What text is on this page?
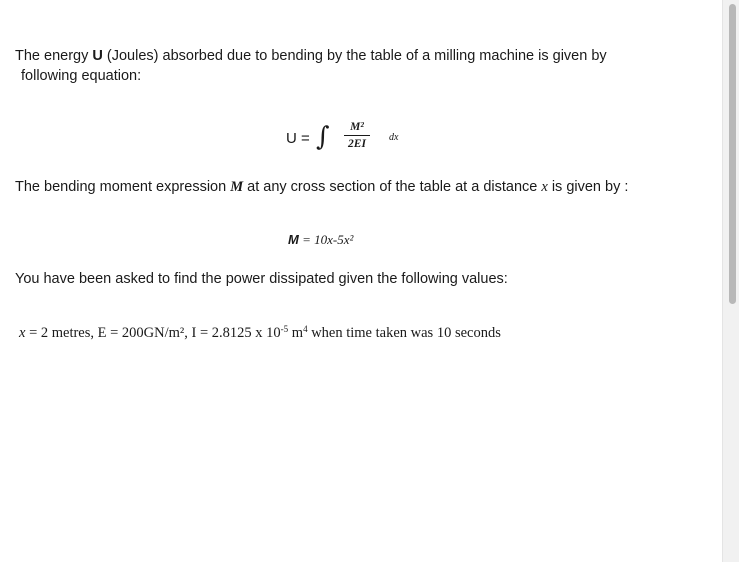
The energy U (Joules) absorbed due to bending by the table of a milling machine is given by
following equation:
U = ∫	M²
2EI
dx
The bending moment expression M at any cross section of the table at a distance x is given by :
M = 10x-5x²
You have been asked to find the power dissipated given the following values:
x = 2 metres, E = 200GN/m², I = 2.8125 x $10^{-5}$ $m^4$ when time taken was 10 seconds
